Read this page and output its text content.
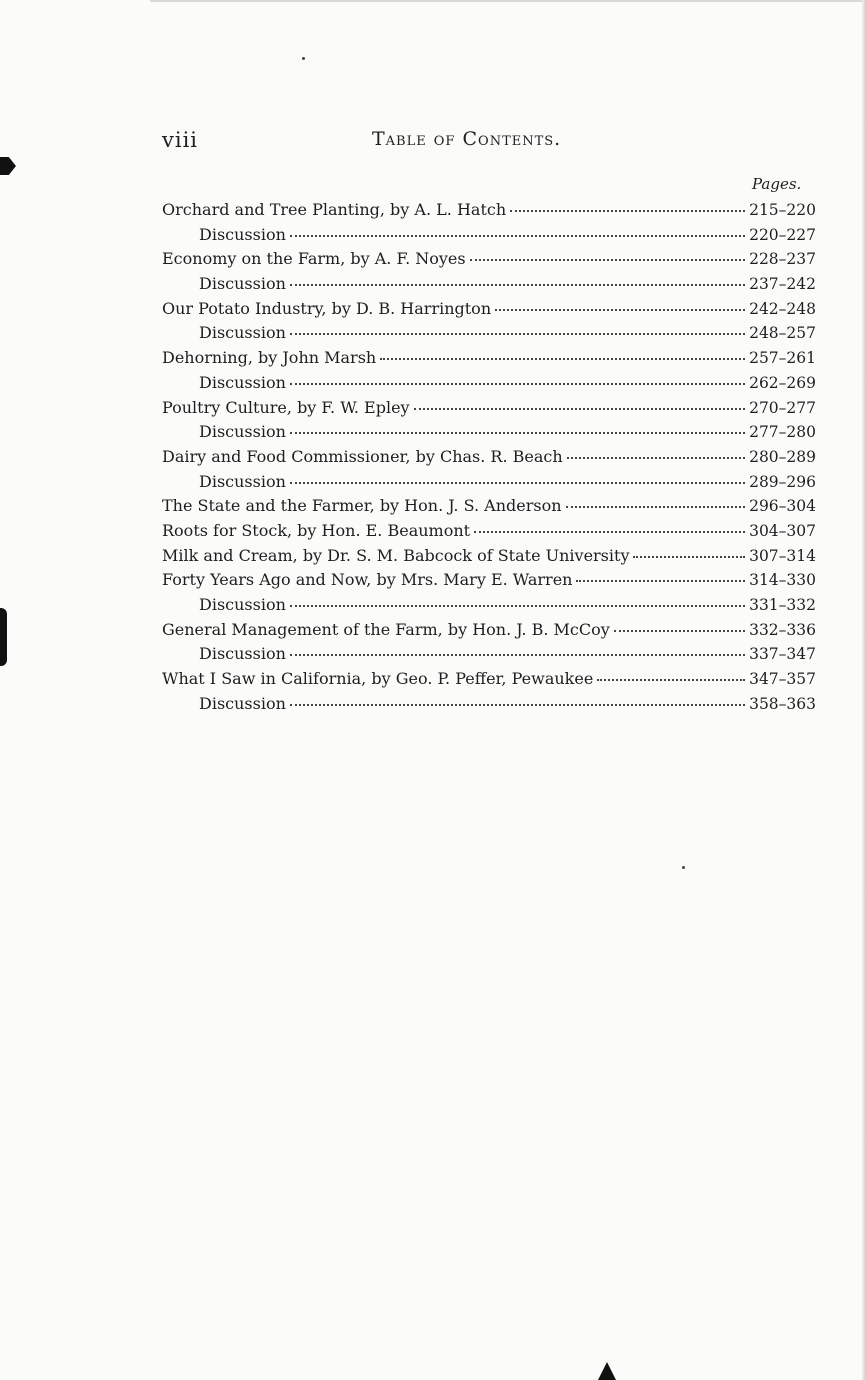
viii	Table of Contents.
Pages.
Orchard and Tree Planting, by A. L. Hatch	215–220
Discussion	220–227
Economy on the Farm, by A. F. Noyes	228–237
Discussion	237–242
Our Potato Industry, by D. B. Harrington	242–248
Discussion	248–257
Dehorning, by John Marsh	257–261
Discussion	262–269
Poultry Culture, by F. W. Epley	270–277
Discussion	277–280
Dairy and Food Commissioner, by Chas. R. Beach	280–289
Discussion	289–296
The State and the Farmer, by Hon. J. S. Anderson	296–304
Roots for Stock, by Hon. E. Beaumont	304–307
Milk and Cream, by Dr. S. M. Babcock of State University	307–314
Forty Years Ago and Now, by Mrs. Mary E. Warren	314–330
Discussion	331–332
General Management of the Farm, by Hon. J. B. McCoy	332–336
Discussion	337–347
What I Saw in California, by Geo. P. Peffer, Pewaukee	347–357
Discussion	358–363
